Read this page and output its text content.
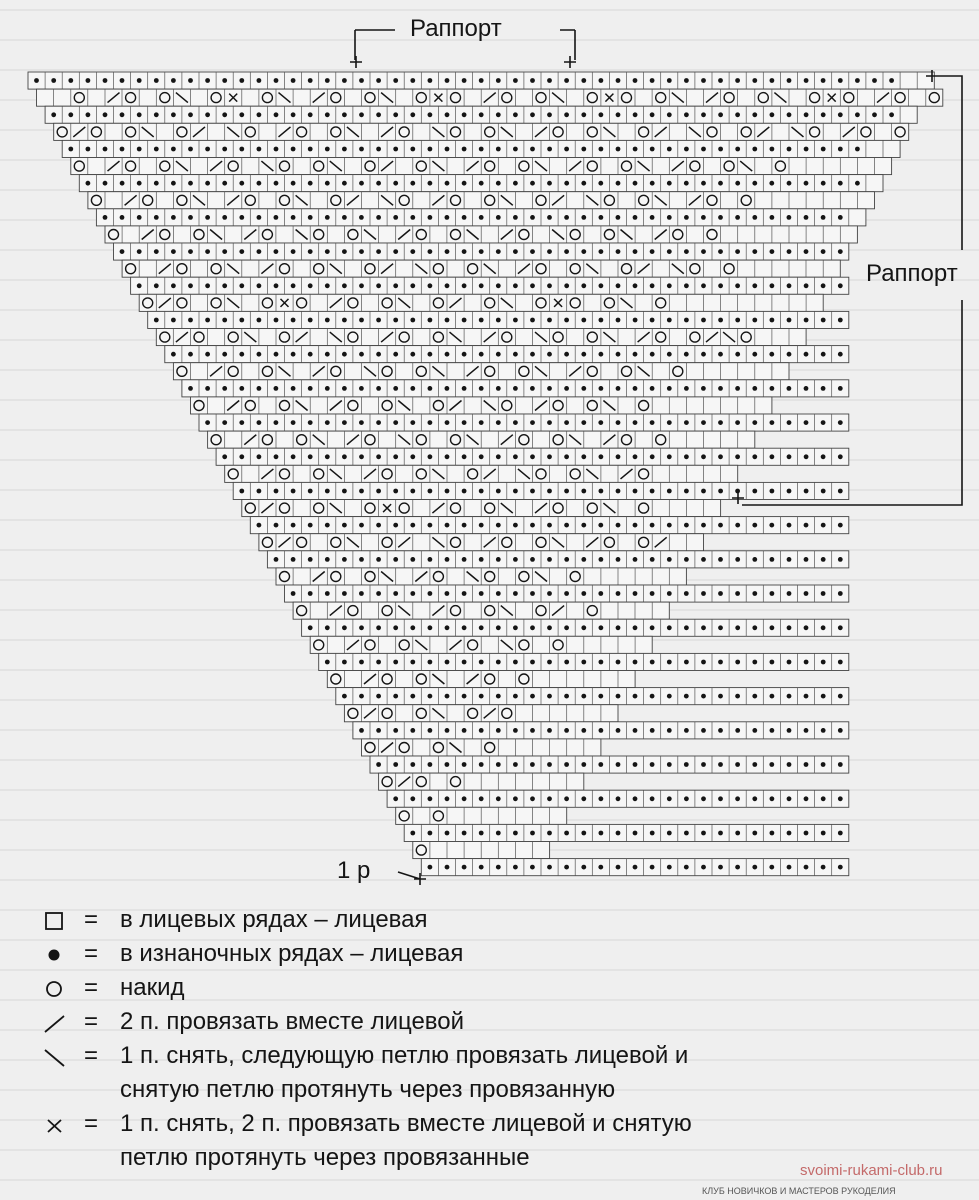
Раппорт
Раппорт
1 р
= в лицевых рядах – лицевая
= в изнаночных рядах – лицевая
= накид
= 2 п. провязать вместе лицевой
= 1 п. снять, следующую петлю провязать лицевой и
снятую петлю протянуть через провязанную
= 1 п. снять, 2 п. провязать вместе лицевой и снятую
петлю протянуть через провязанные	svoimi-rukami-club.ru
КЛУБ НОВИЧКОВ И МАСТЕРОВ РУКОДЕЛИЯ
